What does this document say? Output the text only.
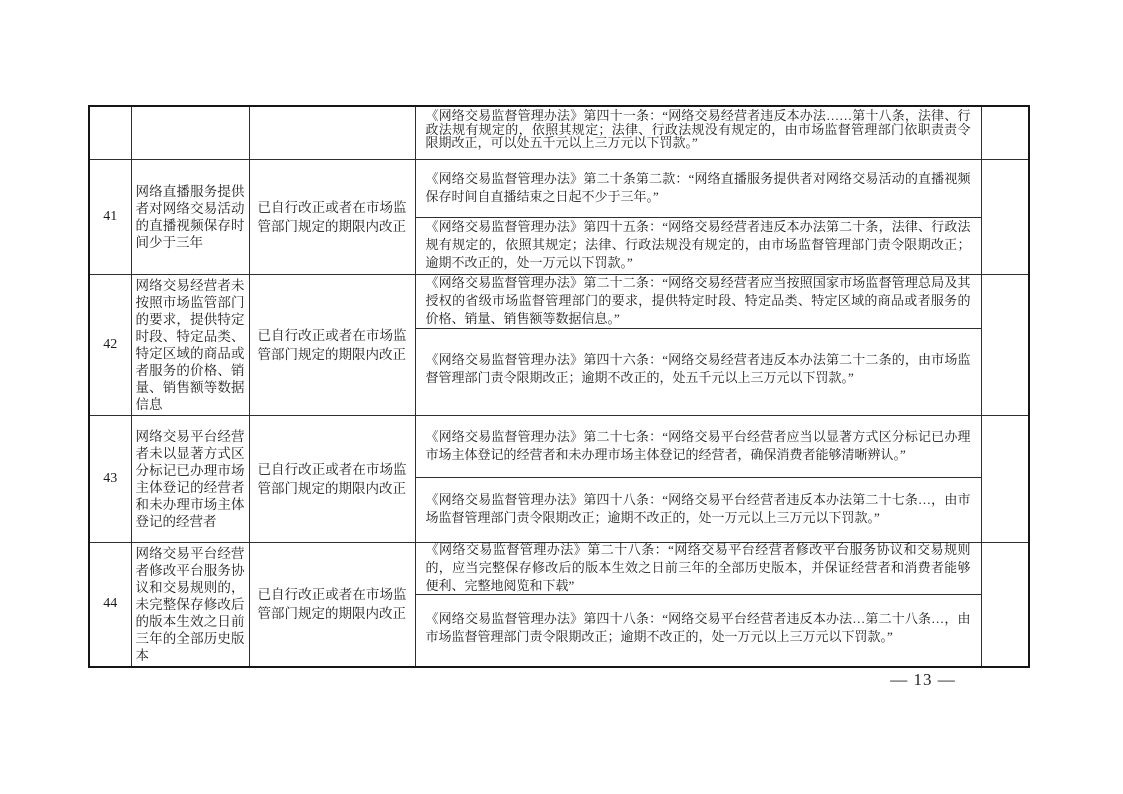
			《网络交易监督管理办法》第四十一条：“网络交易经营者违反本办法……第十八条，法律、行政法规有规定的，依照其规定；法律、行政法规没有规定的，由市场监督管理部门依职责责令限期改正，可以处五千元以上三万元以下罚款。”	

41	网络直播服务提供者对网络交易活动的直播视频保存时间少于三年	已自行改正或者在市场监管部门规定的期限内改正	《网络交易监督管理办法》第二十条第二款：“网络直播服务提供者对网络交易活动的直播视频保存时间自直播结束之日起不少于三年。”
《网络交易监督管理办法》第四十五条：“网络交易经营者违反本办法第二十条，法律、行政法规有规定的，依照其规定；法律、行政法规没有规定的，由市场监督管理部门责令限期改正；逾期不改正的，处一万元以下罚款。”	

42	网络交易经营者未按照市场监管部门的要求，提供特定时段、特定品类、特定区域的商品或者服务的价格、销量、销售额等数据信息	已自行改正或者在市场监管部门规定的期限内改正	《网络交易监督管理办法》第二十二条：“网络交易经营者应当按照国家市场监督管理总局及其授权的省级市场监督管理部门的要求，提供特定时段、特定品类、特定区域的商品或者服务的价格、销量、销售额等数据信息。”
《网络交易监督管理办法》第四十六条：“网络交易经营者违反本办法第二十二条的，由市场监督管理部门责令限期改正；逾期不改正的，处五千元以上三万元以下罚款。”	

43	网络交易平台经营者未以显著方式区分标记已办理市场主体登记的经营者和未办理市场主体登记的经营者	已自行改正或者在市场监管部门规定的期限内改正	《网络交易监督管理办法》第二十七条：“网络交易平台经营者应当以显著方式区分标记已办理市场主体登记的经营者和未办理市场主体登记的经营者，确保消费者能够清晰辨认。”
《网络交易监督管理办法》第四十八条：“网络交易平台经营者违反本办法第二十七条…，由市场监督管理部门责令限期改正；逾期不改正的，处一万元以上三万元以下罚款。”	

44	网络交易平台经营者修改平台服务协议和交易规则的，未完整保存修改后的版本生效之日前三年的全部历史版本	已自行改正或者在市场监管部门规定的期限内改正	《网络交易监督管理办法》第二十八条：“网络交易平台经营者修改平台服务协议和交易规则的，应当完整保存修改后的版本生效之日前三年的全部历史版本，并保证经营者和消费者能够便利、完整地阅览和下载”
《网络交易监督管理办法》第四十八条：“网络交易平台经营者违反本办法…第二十八条…，由市场监督管理部门责令限期改正；逾期不改正的，处一万元以上三万元以下罚款。”	

— 13 —
